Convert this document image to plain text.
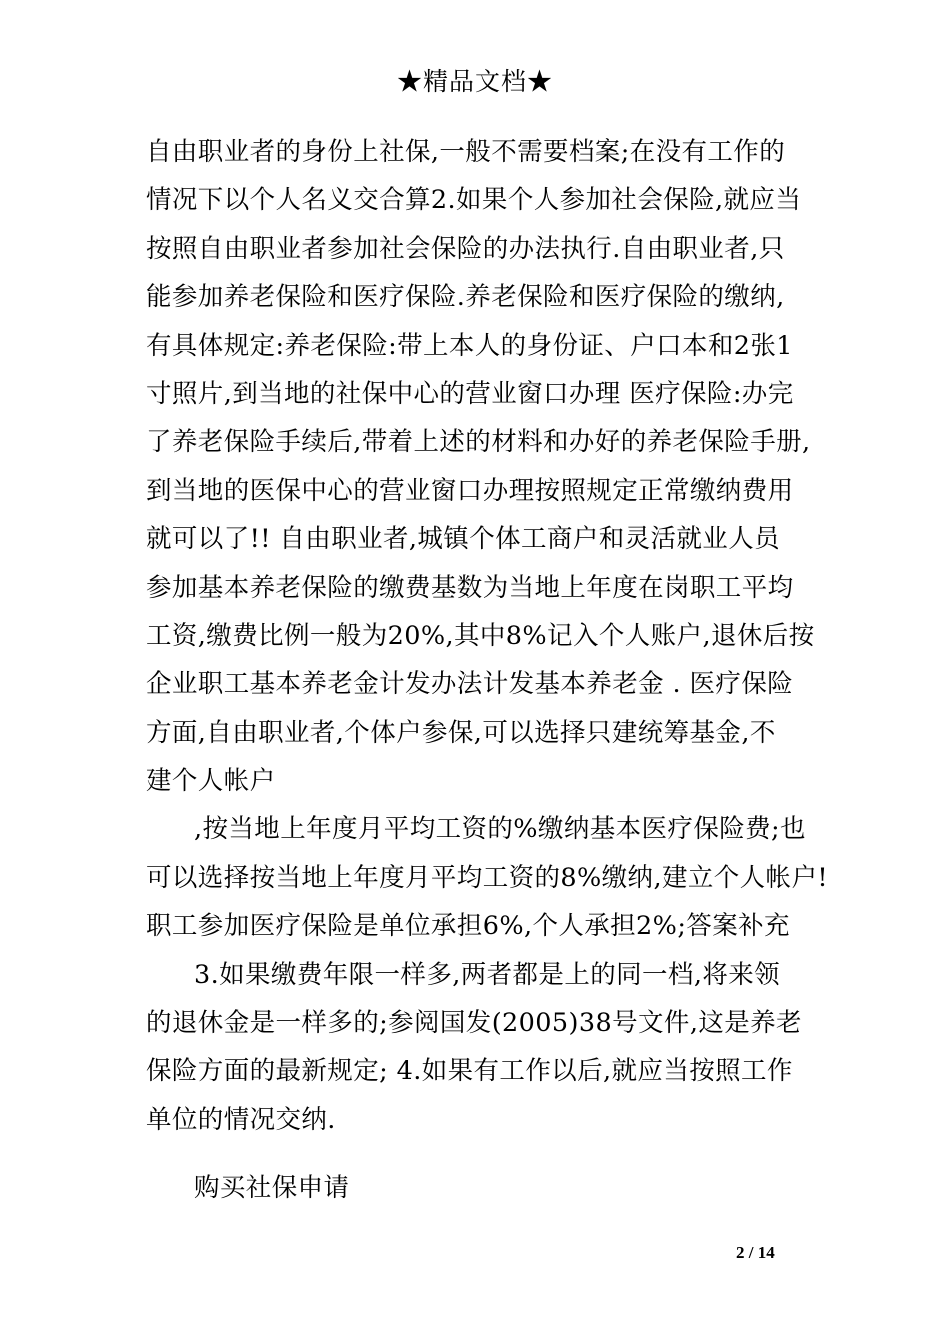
★精品文档★
自由职业者的身份上社保,一般不需要档案;在没有工作的
情况下以个人名义交合算2.如果个人参加社会保险,就应当
按照自由职业者参加社会保险的办法执行.自由职业者,只
能参加养老保险和医疗保险.养老保险和医疗保险的缴纳,
有具体规定:养老保险:带上本人的身份证、户口本和2张1
寸照片,到当地的社保中心的营业窗口办理 医疗保险:办完
了养老保险手续后,带着上述的材料和办好的养老保险手册,
到当地的医保中心的营业窗口办理按照规定正常缴纳费用
就可以了!! 自由职业者,城镇个体工商户和灵活就业人员
参加基本养老保险的缴费基数为当地上年度在岗职工平均
工资,缴费比例一般为20%,其中8%记入个人账户,退休后按
企业职工基本养老金计发办法计发基本养老金 . 医疗保险
方面,自由职业者,个体户参保,可以选择只建统筹基金,不
建个人帐户
,按当地上年度月平均工资的%缴纳基本医疗保险费;也
可以选择按当地上年度月平均工资的8%缴纳,建立个人帐户!
职工参加医疗保险是单位承担6%,个人承担2%;答案补充
3.如果缴费年限一样多,两者都是上的同一档,将来领
的退休金是一样多的;参阅国发(2005)38号文件,这是养老
保险方面的最新规定; 4.如果有工作以后,就应当按照工作
单位的情况交纳.
购买社保申请
2 / 14
